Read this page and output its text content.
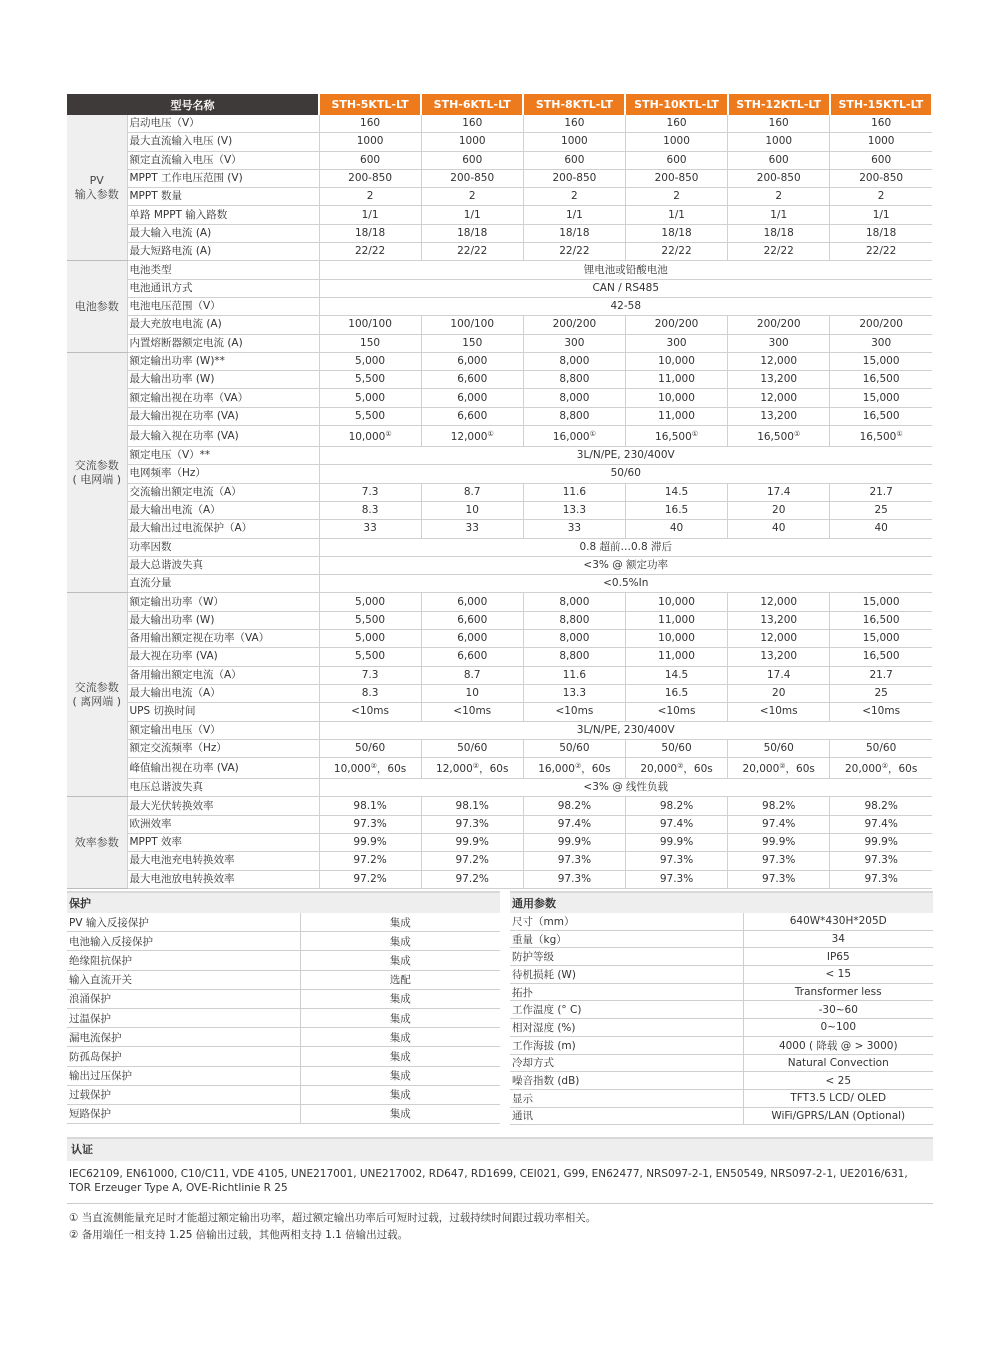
型号名称		STH-5KTL-LT	STH-6KTL-LT	STH-8KTL-LT	STH-10KTL-LT	STH-12KTL-LT	STH-15KTL-LT
PV
输入参数	启动电压（V）	160	160	160	160	160	160
	最大直流输入电压 (V)	1000	1000	1000	1000	1000	1000
	额定直流输入电压（V）	600	600	600	600	600	600
	MPPT 工作电压范围 (V)	200-850	200-850	200-850	200-850	200-850	200-850
	MPPT 数量	2	2	2	2	2	2
	单路 MPPT 输入路数	1/1	1/1	1/1	1/1	1/1	1/1
	最大输入电流 (A)	18/18	18/18	18/18	18/18	18/18	18/18
	最大短路电流 (A)	22/22	22/22	22/22	22/22	22/22	22/22
电池参数	电池类型	锂电池或铅酸电池					
	电池通讯方式	CAN / RS485					
	电池电压范围（V）	42-58					
	最大充放电电流 (A)	100/100	100/100	200/200	200/200	200/200	200/200
	内置熔断器额定电流 (A)	150	150	300	300	300	300
交流参数
( 电网端 )	额定输出功率 (W)**	5,000	6,000	8,000	10,000	12,000	15,000
	最大输出功率 (W)	5,500	6,600	8,800	11,000	13,200	16,500
	额定输出视在功率（VA）	5,000	6,000	8,000	10,000	12,000	15,000
	最大输出视在功率 (VA)	5,500	6,600	8,800	11,000	13,200	16,500
	最大输入视在功率 (VA)	10,000①	12,000①	16,000①	16,500①	16,500①	16,500①
	额定电压（V）**	3L/N/PE, 230/400V					
	电网频率（Hz）	50/60					
	交流输出额定电流（A）	7.3	8.7	11.6	14.5	17.4	21.7
	最大输出电流（A）	8.3	10	13.3	16.5	20	25
	最大输出过电流保护（A）	33	33	33	40	40	40
	功率因数	0.8 超前…0.8 滞后					
	最大总谐波失真	<3% @ 额定功率					
	直流分量	<0.5%In					
交流参数
( 离网端 )	额定输出功率（W）	5,000	6,000	8,000	10,000	12,000	15,000
	最大输出功率 (W)	5,500	6,600	8,800	11,000	13,200	16,500
	备用输出额定视在功率（VA）	5,000	6,000	8,000	10,000	12,000	15,000
	最大视在功率 (VA)	5,500	6,600	8,800	11,000	13,200	16,500
	备用输出额定电流（A）	7.3	8.7	11.6	14.5	17.4	21.7
	最大输出电流（A）	8.3	10	13.3	16.5	20	25
	UPS 切换时间	<10ms	<10ms	<10ms	<10ms	<10ms	<10ms
	额定输出电压（V）	3L/N/PE, 230/400V					
	额定交流频率（Hz）	50/60	50/60	50/60	50/60	50/60	50/60
	峰值输出视在功率 (VA)	10,000②，60s	12,000②，60s	16,000②，60s	20,000②，60s	20,000②，60s	20,000②，60s
	电压总谐波失真	<3% @ 线性负载					
效率参数	最大光伏转换效率	98.1%	98.1%	98.2%	98.2%	98.2%	98.2%
	欧洲效率	97.3%	97.3%	97.4%	97.4%	97.4%	97.4%
	MPPT 效率	99.9%	99.9%	99.9%	99.9%	99.9%	99.9%
	最大电池充电转换效率	97.2%	97.2%	97.3%	97.3%	97.3%	97.3%
	最大电池放电转换效率	97.2%	97.2%	97.3%	97.3%	97.3%	97.3%
保护	
PV 输入反接保护	集成
电池输入反接保护	集成
绝缘阻抗保护	集成
输入直流开关	选配
浪涌保护	集成
过温保护	集成
漏电流保护	集成
防孤岛保护	集成
输出过压保护	集成
过载保护	集成
短路保护	集成
通用参数	
尺寸（mm）	640W*430H*205D
重量（kg）	34
防护等级	IP65
待机损耗 (W)	< 15
拓扑	Transformer less
工作温度 (° C)	-30~60
相对湿度 (%)	0~100
工作海拔 (m)	4000 ( 降载 @ > 3000)
冷却方式	Natural Convection
噪音指数 (dB)	< 25
显示	TFT3.5 LCD/ OLED
通讯	WiFi/GPRS/LAN (Optional)
认证
IEC62109, EN61000, C10/C11, VDE 4105, UNE217001, UNE217002, RD647, RD1699, CEI021, G99, EN62477, NRS097-2-1, EN50549, NRS097-2-1, UE2016/631, TOR Erzeuger Type A, OVE-Richtlinie R 25
① 当直流侧能量充足时才能超过额定输出功率，超过额定输出功率后可短时过载，过载持续时间跟过载功率相关。
② 备用端任一相支持 1.25 倍输出过载，其他两相支持 1.1 倍输出过载。
